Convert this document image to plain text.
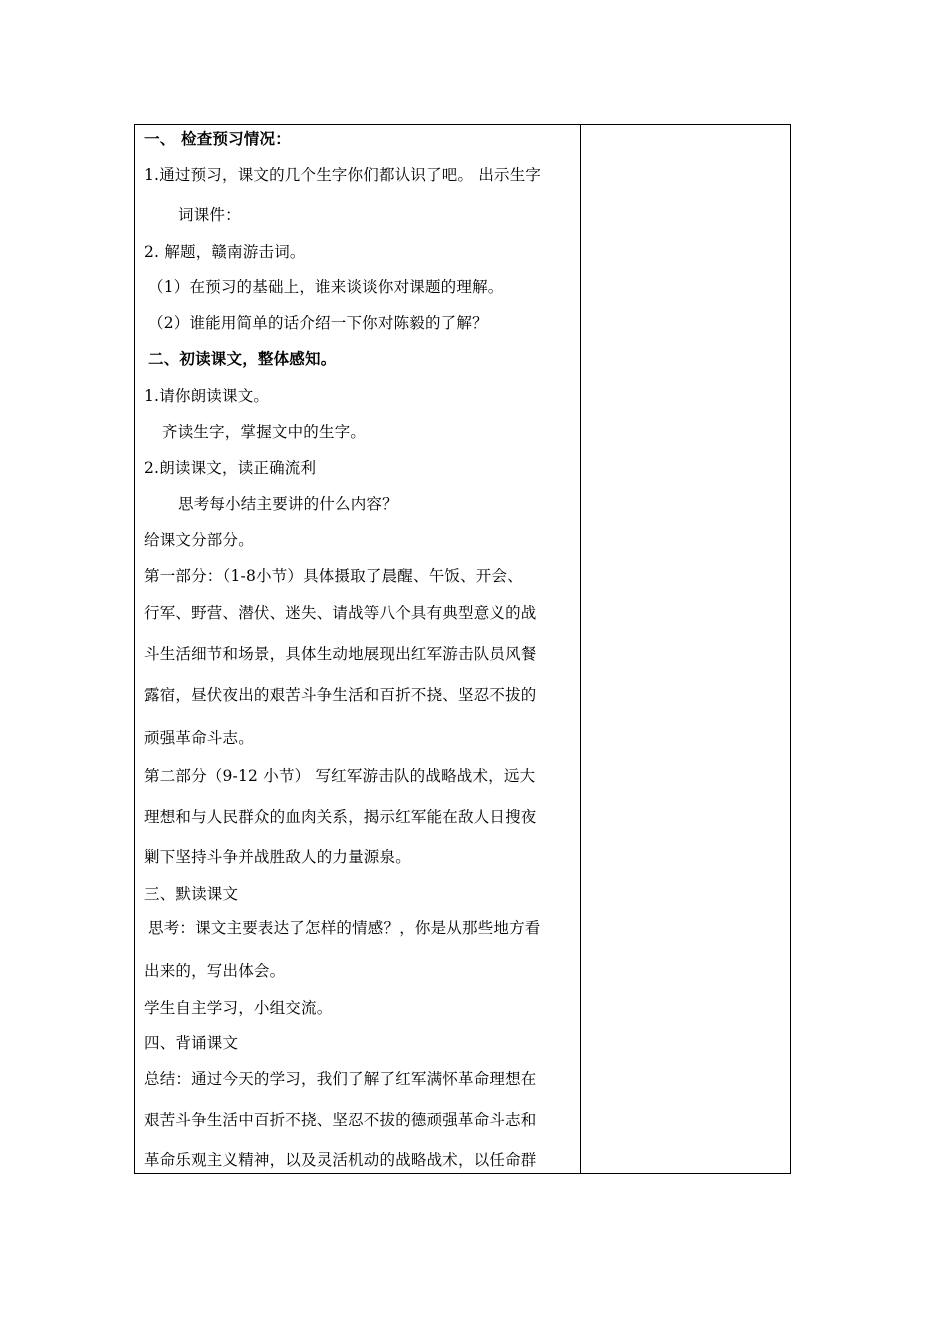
一、 检查预习情况：
1.通过预习，课文的几个生字你们都认识了吧。 出示生字
词课件：
2. 解题，赣南游击词。
（1）在预习的基础上，谁来谈谈你对课题的理解。
（2）谁能用简单的话介绍一下你对陈毅的了解？
二、初读课文，整体感知。
1.请你朗读课文。
齐读生字，掌握文中的生字。
2.朗读课文，读正确流利
思考每小结主要讲的什么内容？
给课文分部分。
第一部分：（1-8小节）具体摄取了晨醒、午饭、开会、
行军、野营、潜伏、迷失、请战等八个具有典型意义的战
斗生活细节和场景，具体生动地展现出红军游击队员风餐
露宿，昼伏夜出的艰苦斗争生活和百折不挠、坚忍不拔的
顽强革命斗志。
第二部分（9-12 小节） 写红军游击队的战略战术，远大
理想和与人民群众的血肉关系，揭示红军能在敌人日搜夜
剿下坚持斗争并战胜敌人的力量源泉。
三、默读课文
思考：课文主要表达了怎样的情感？，你是从那些地方看
出来的，写出体会。
学生自主学习，小组交流。
四、背诵课文
总结：通过今天的学习，我们了解了红军满怀革命理想在
艰苦斗争生活中百折不挠、坚忍不拔的德顽强革命斗志和
革命乐观主义精神，以及灵活机动的战略战术，以任命群
